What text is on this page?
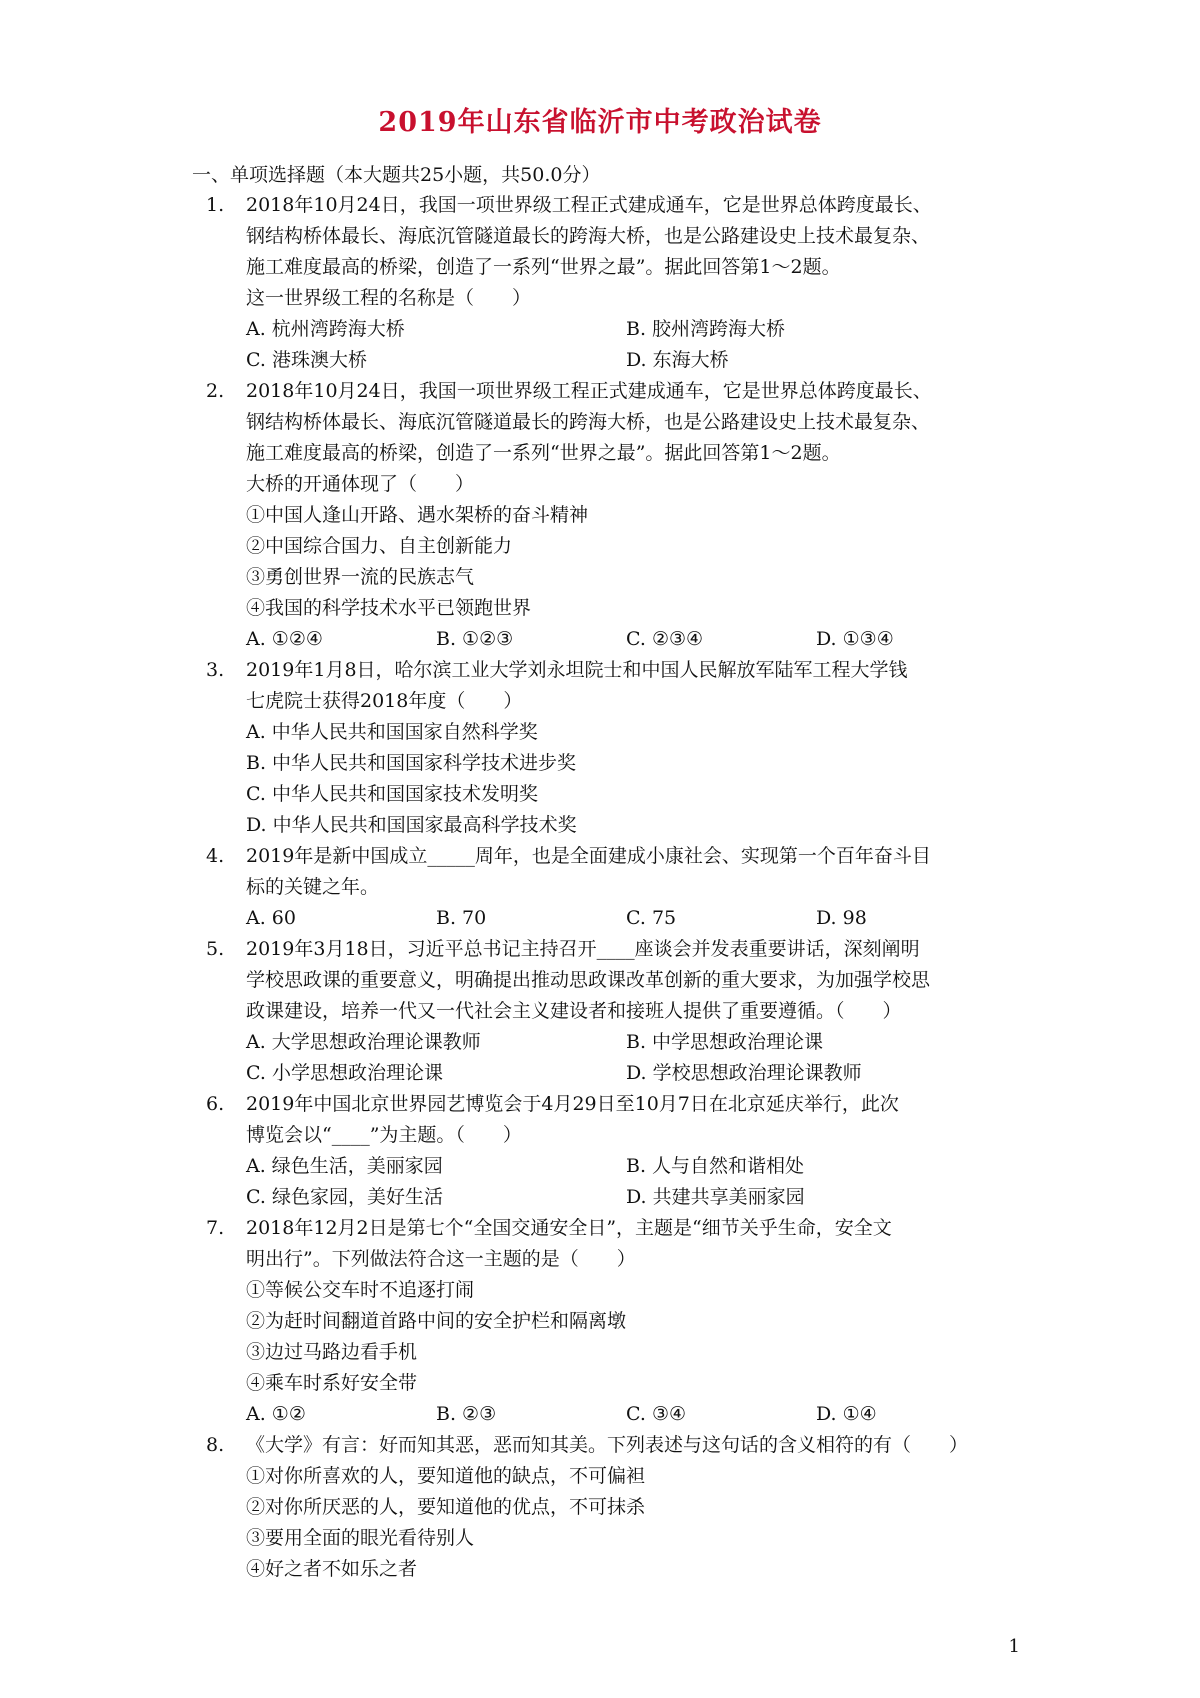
2019年山东省临沂市中考政治试卷
一、单项选择题（本大题共25小题，共50.0分）
1. 2018年10月24日，我国一项世界级工程正式建成通车，它是世界总体跨度最长、

钢结构桥体最长、海底沉管隧道最长的跨海大桥，也是公路建设史上技术最复杂、

施工难度最高的桥梁，创造了一系列“世界之最”。据此回答第1～2题。

这一世界级工程的名称是（　　）

A. 杭州湾跨海大桥	B. 胶州湾跨海大桥
C. 港珠澳大桥	D. 东海大桥
2. 2018年10月24日，我国一项世界级工程正式建成通车，它是世界总体跨度最长、

钢结构桥体最长、海底沉管隧道最长的跨海大桥，也是公路建设史上技术最复杂、

施工难度最高的桥梁，创造了一系列“世界之最”。据此回答第1～2题。

大桥的开通体现了（　　）

①中国人逢山开路、遇水架桥的奋斗精神

②中国综合国力、自主创新能力

③勇创世界一流的民族志气

④我国的科学技术水平已领跑世界

A. ①②④	B. ①②③	C. ②③④	D. ①③④
3. 2019年1月8日，哈尔滨工业大学刘永坦院士和中国人民解放军陆军工程大学钱

七虎院士获得2018年度（　　）

A. 中华人民共和国国家自然科学奖
B. 中华人民共和国国家科学技术进步奖
C. 中华人民共和国国家技术发明奖
D. 中华人民共和国国家最高科学技术奖
4. 2019年是新中国成立_____周年，也是全面建成小康社会、实现第一个百年奋斗目

标的关键之年。

A. 60	B. 70	C. 75	D. 98
5. 2019年3月18日，习近平总书记主持召开____座谈会并发表重要讲话，深刻阐明

学校思政课的重要意义，明确提出推动思政课改革创新的重大要求，为加强学校思

政课建设，培养一代又一代社会主义建设者和接班人提供了重要遵循。（　　）

A. 大学思想政治理论课教师	B. 中学思想政治理论课
C. 小学思想政治理论课	D. 学校思想政治理论课教师
6. 2019年中国北京世界园艺博览会于4月29日至10月7日在北京延庆举行，此次

博览会以“____”为主题。（　　）

A. 绿色生活，美丽家园	B. 人与自然和谐相处
C. 绿色家园，美好生活	D. 共建共享美丽家园
7. 2018年12月2日是第七个“全国交通安全日”，主题是“细节关乎生命，安全文

明出行”。下列做法符合这一主题的是（　　）

①等候公交车时不追逐打闹

②为赶时间翻道首路中间的安全护栏和隔离墩

③边过马路边看手机

④乘车时系好安全带

A. ①②	B. ②③	C. ③④	D. ①④
8. 《大学》有言：好而知其恶，恶而知其美。下列表述与这句话的含义相符的有（　　）

①对你所喜欢的人，要知道他的缺点，不可偏袒

②对你所厌恶的人，要知道他的优点，不可抹杀

③要用全面的眼光看待别人

④好之者不如乐之者

1
